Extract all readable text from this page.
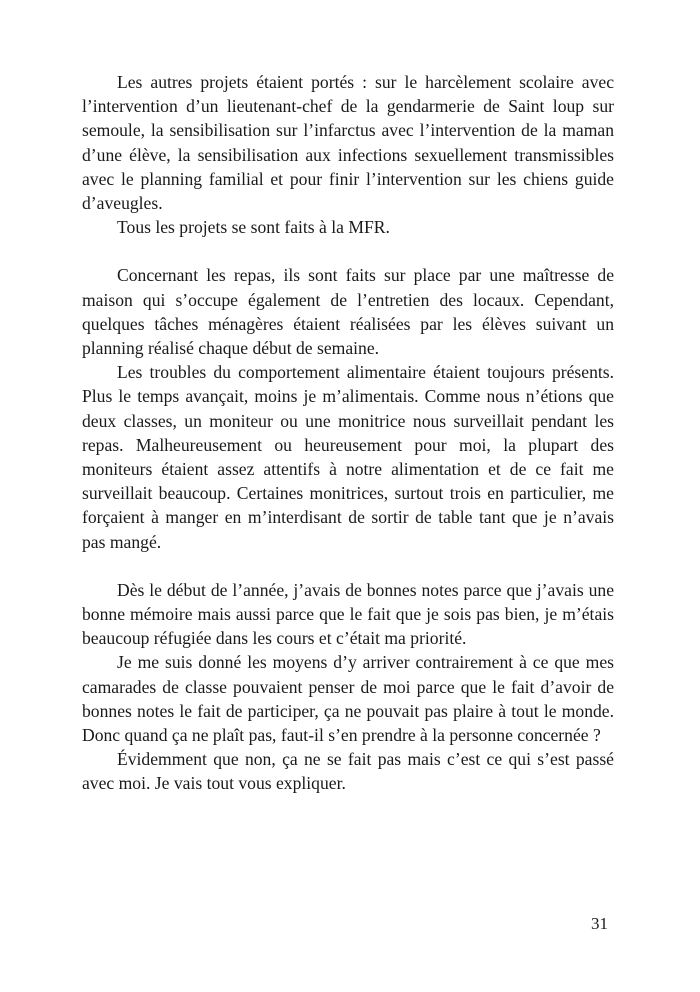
Les autres projets étaient portés : sur le harcèlement scolaire avec l’intervention d’un lieutenant-chef de la gendarmerie de Saint loup sur semoule, la sensibilisation sur l’infarctus avec l’intervention de la maman d’une élève, la sensibilisation aux infections sexuellement transmissibles avec le planning familial et pour finir l’intervention sur les chiens guide d’aveugles.

Tous les projets se sont faits à la MFR.

Concernant les repas, ils sont faits sur place par une maîtresse de maison qui s’occupe également de l’entretien des locaux. Cependant, quelques tâches ménagères étaient réalisées par les élèves suivant un planning réalisé chaque début de semaine.

Les troubles du comportement alimentaire étaient toujours présents. Plus le temps avançait, moins je m’alimentais. Comme nous n’étions que deux classes, un moniteur ou une monitrice nous surveillait pendant les repas. Malheureusement ou heureusement pour moi, la plupart des moniteurs étaient assez attentifs à notre alimentation et de ce fait me surveillait beaucoup. Certaines monitrices, surtout trois en particulier, me forçaient à manger en m’interdisant de sortir de table tant que je n’avais pas mangé.

Dès le début de l’année, j’avais de bonnes notes parce que j’avais une bonne mémoire mais aussi parce que le fait que je sois pas bien, je m’étais beaucoup réfugiée dans les cours et c’était ma priorité.

Je me suis donné les moyens d’y arriver contrairement à ce que mes camarades de classe pouvaient penser de moi parce que le fait d’avoir de bonnes notes le fait de participer, ça ne pouvait pas plaire à tout le monde. Donc quand ça ne plaît pas, faut-il s’en prendre à la personne concernée ?

Évidemment que non, ça ne se fait pas mais c’est ce qui s’est passé avec moi. Je vais tout vous expliquer.

31
